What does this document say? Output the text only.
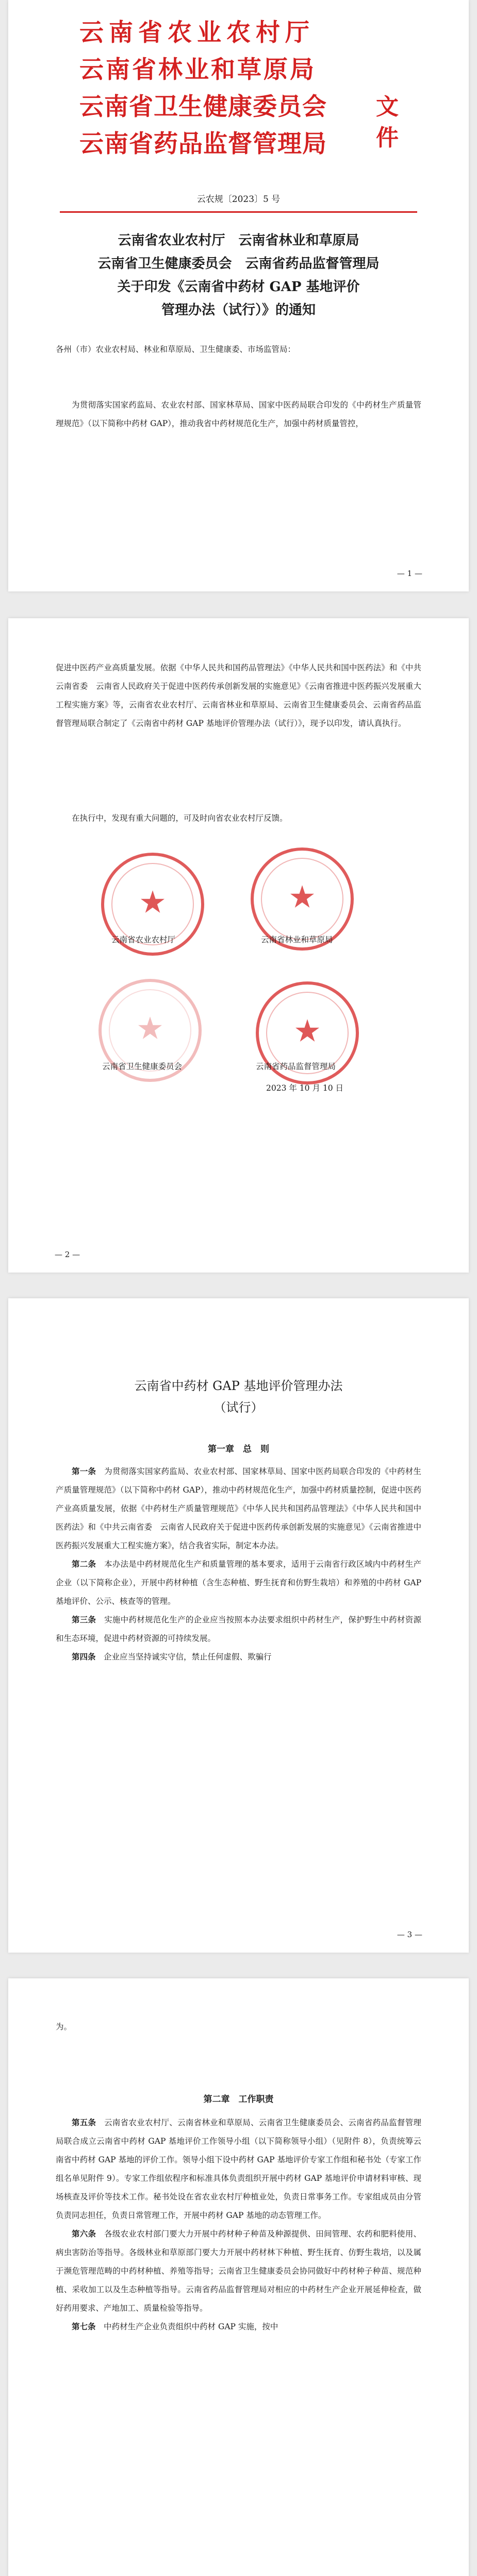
云南省农业农村厅
云南省林业和草原局
云南省卫生健康委员会
云南省药品监督管理局
文件
云农规〔2023〕5 号
云南省农业农村厅　云南省林业和草原局
云南省卫生健康委员会　云南省药品监督管理局
关于印发《云南省中药材 GAP 基地评价
管理办法（试行）》的通知

各州（市）农业农村局、林业和草原局、卫生健康委、市场监管局：

为贯彻落实国家药监局、农业农村部、国家林草局、国家中医药局联合印发的《中药材生产质量管理规范》（以下简称中药材 GAP），推动我省中药材规范化生产，加强中药材质量管控，

— 1 —

促进中医药产业高质量发展。依据《中华人民共和国药品管理法》《中华人民共和国中医药法》和《中共云南省委　云南省人民政府关于促进中医药传承创新发展的实施意见》《云南省推进中医药振兴发展重大工程实施方案》等，云南省农业农村厅、云南省林业和草原局、云南省卫生健康委员会、云南省药品监督管理局联合制定了《云南省中药材 GAP 基地评价管理办法（试行）》，现予以印发，请认真执行。

在执行中，发现有重大问题的，可及时向省农业农村厅反馈。

★	★
★	★
云南省农业农村厅	云南省林业和草原局
云南省卫生健康委员会	云南省药品监督管理局
2023 年 10 月 10 日
— 2 —
云南省中药材 GAP 基地评价管理办法
（试行）
第一章　总　则

第一条　 为贯彻落实国家药监局、农业农村部、国家林草局、国家中医药局联合印发的《中药材生产质量管理规范》（以下简称中药材 GAP），推动中药材规范化生产，加强中药材质量控制，促进中医药产业高质量发展，依据《中药材生产质量管理规范》《中华人民共和国药品管理法》《中华人民共和国中医药法》和《中共云南省委　云南省人民政府关于促进中医药传承创新发展的实施意见》《云南省推进中医药振兴发展重大工程实施方案》，结合我省实际，制定本办法。

第二条　 本办法是中药材规范化生产和质量管理的基本要求，适用于云南省行政区域内中药材生产企业（以下简称企业），开展中药材种植（含生态种植、野生抚育和仿野生栽培）和养殖的中药材 GAP 基地评价、公示、核查等的管理。

第三条　 实施中药材规范化生产的企业应当按照本办法要求组织中药材生产，保护野生中药材资源和生态环境，促进中药材资源的可持续发展。

第四条　 企业应当坚持诚实守信，禁止任何虚假、欺骗行

— 3 —

为。

第二章　工作职责

第五条　 云南省农业农村厅、云南省林业和草原局、云南省卫生健康委员会、云南省药品监督管理局联合成立云南省中药材 GAP 基地评价工作领导小组（以下简称领导小组）（见附件 8），负责统筹云南省中药材 GAP 基地的评价工作。领导小组下设中药材 GAP 基地评价专家工作组和秘书处（专家工作组名单见附件 9）。专家工作组依程序和标准具体负责组织开展中药材 GAP 基地评价申请材料审核、现场核查及评价等技术工作。秘书处设在省农业农村厅种植业处，负责日常事务工作。专家组成员由分管负责同志担任，负责日常管理工作，开展中药材 GAP 基地的动态管理工作。

第六条　 各级农业农村部门要大力开展中药材种子种苗及种源提供、田间管理、农药和肥料使用、病虫害防治等指导。各级林业和草原部门要大力开展中药材林下种植、野生抚育、仿野生栽培，以及属于濒危管理范畴的中药材种植、养殖等指导；云南省卫生健康委员会协同做好中药材种子种苗、规范种植、采收加工以及生态种植等指导。云南省药品监督管理局对相应的中药材生产企业开展延伸检查，做好药用要求、产地加工、质量检验等指导。

第七条　 中药材生产企业负责组织中药材 GAP 实施，按中
